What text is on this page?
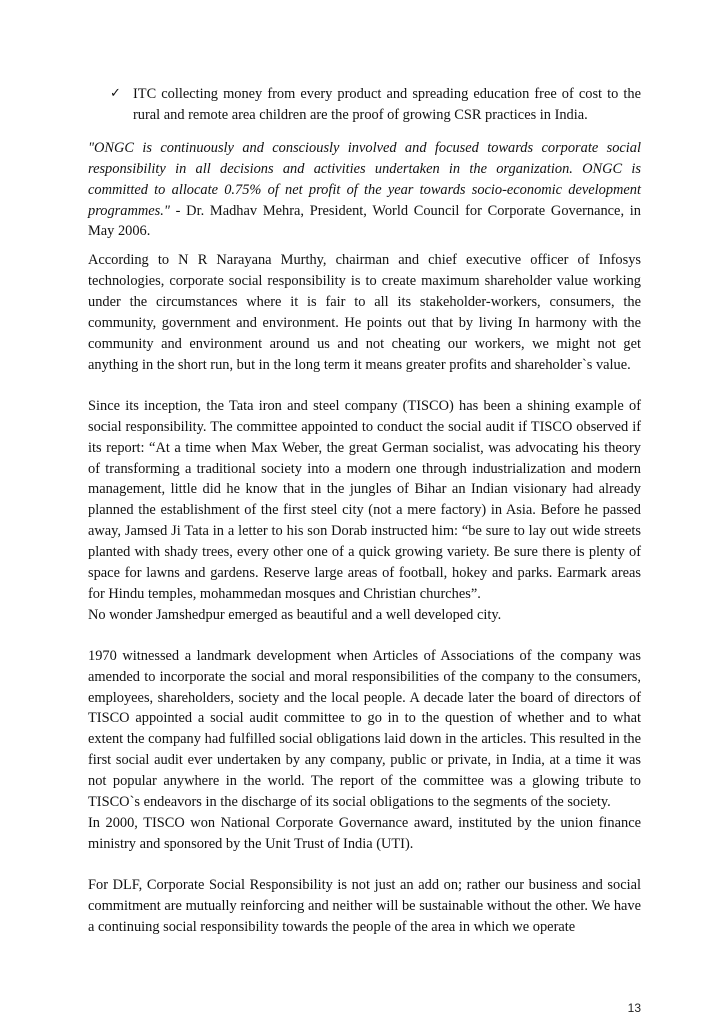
✓ ITC collecting money from every product and spreading education free of cost to the rural and remote area children are the proof of growing CSR practices in India.

"ONGC is continuously and consciously involved and focused towards corporate social responsibility in all decisions and activities undertaken in the organization. ONGC is committed to allocate 0.75% of net profit of the year towards socio-economic development programmes." - Dr. Madhav Mehra, President, World Council for Corporate Governance, in May 2006.

According to N R Narayana Murthy, chairman and chief executive officer of Infosys technologies, corporate social responsibility is to create maximum shareholder value working under the circumstances where it is fair to all its stakeholder-workers, consumers, the community, government and environment. He points out that by living In harmony with the community and environment around us and not cheating our workers, we might not get anything in the short run, but in the long term it means greater profits and shareholder`s value.

Since its inception, the Tata iron and steel company (TISCO) has been a shining example of social responsibility. The committee appointed to conduct the social audit if TISCO observed if its report: “At a time when Max Weber, the great German socialist, was advocating his theory of transforming a traditional society into a modern one through industrialization and modern management, little did he know that in the jungles of Bihar an Indian visionary had already planned the establishment of the first steel city (not a mere factory) in Asia. Before he passed away, Jamsed Ji Tata in a letter to his son Dorab instructed him: “be sure to lay out wide streets planted with shady trees, every other one of a quick growing variety. Be sure there is plenty of space for lawns and gardens. Reserve large areas of football, hokey and parks. Earmark areas for Hindu temples, mohammedan mosques and Christian churches”.

No wonder Jamshedpur emerged as beautiful and a well developed city.

1970 witnessed a landmark development when Articles of Associations of the company was amended to incorporate the social and moral responsibilities of the company to the consumers, employees, shareholders, society and the local people. A decade later the board of directors of TISCO appointed a social audit committee to go in to the question of whether and to what extent the company had fulfilled social obligations laid down in the articles. This resulted in the first social audit ever undertaken by any company, public or private, in India, at a time it was not popular anywhere in the world. The report of the committee was a glowing tribute to TISCO`s endeavors in the discharge of its social obligations to the segments of the society.

In 2000, TISCO won National Corporate Governance award, instituted by the union finance ministry and sponsored by the Unit Trust of India (UTI).

For DLF, Corporate Social Responsibility is not just an add on; rather our business and social commitment are mutually reinforcing and neither will be sustainable without the other. We have a continuing social responsibility towards the people of the area in which we operate

13
